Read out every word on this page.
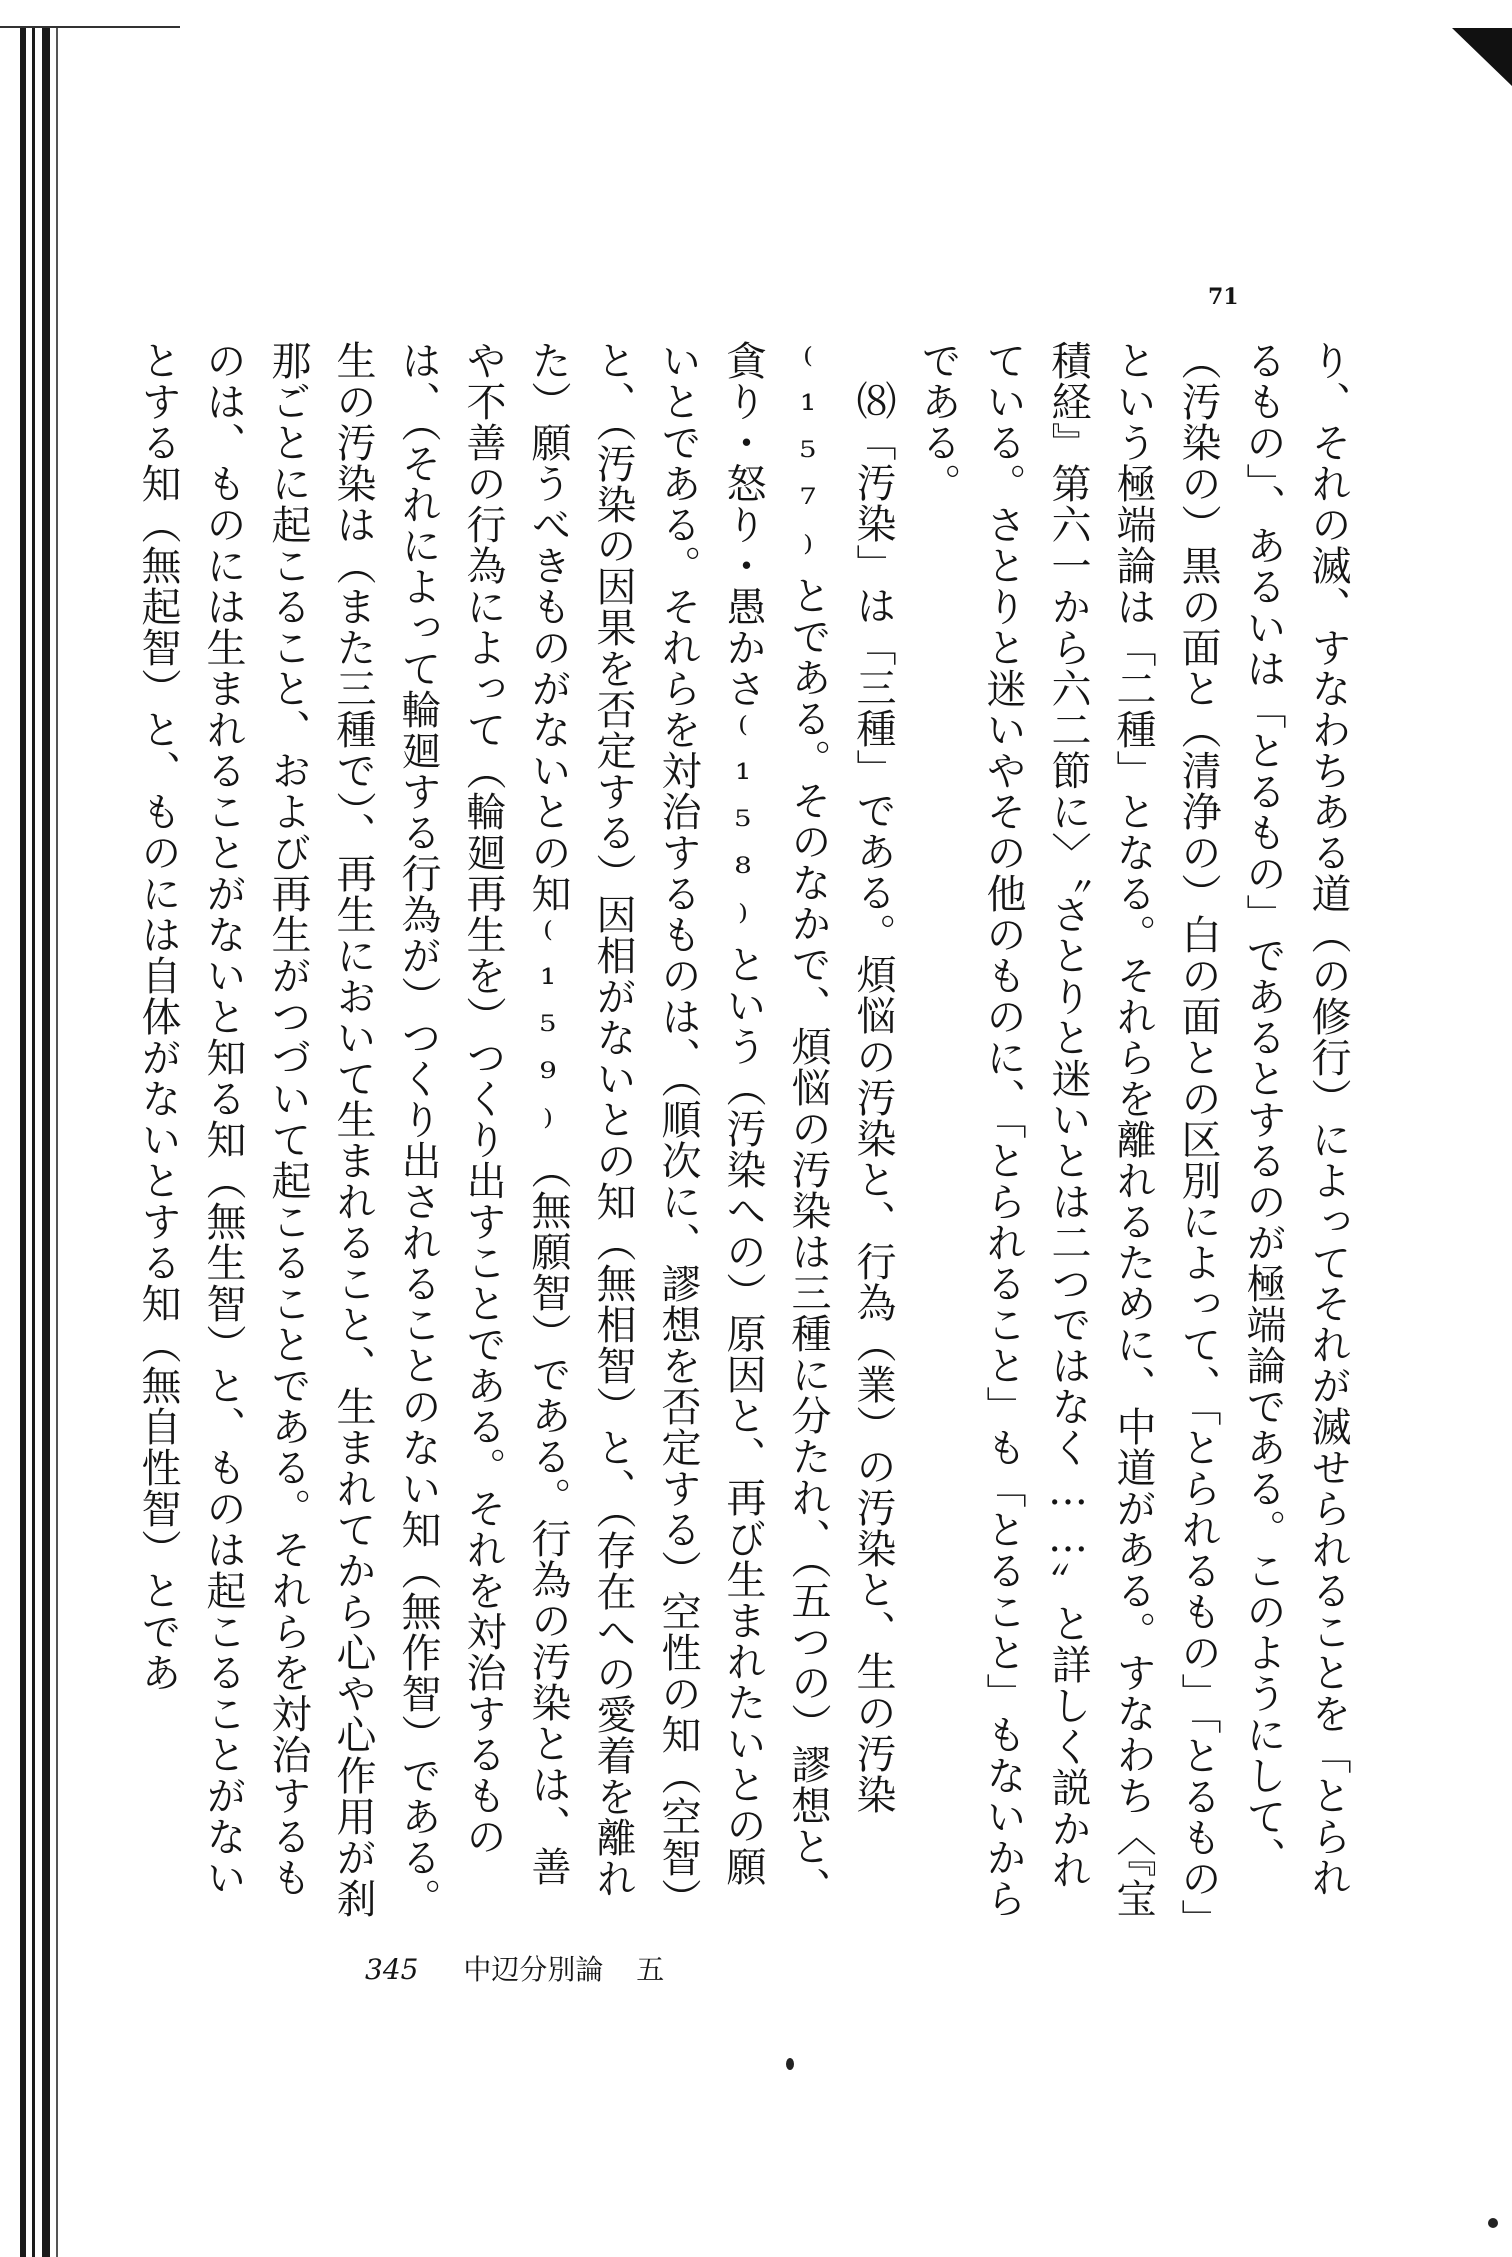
71

り、それの滅、すなわちある道（の修行）によってそれが滅せられることを「とられるもの」、あるいは「とるもの」であるとするのが極端論である。このようにして、（汚染の）黒の面と（清浄の）白の面との区別によって、「とられるもの」「とるもの」という極端論は「二種」となる。それらを離れるために、中道がある。すなわち〈『宝積経』第六一から六二節に〉〝さとりと迷いとは二つではなく……〟と詳しく説かれている。さとりと迷いやその他のものに、「とられること」も「とること」もないからである。

⑻「汚染」は「三種」である。煩悩の汚染と、行為（業）の汚染と、生の汚染⁽¹⁵⁷⁾とである。そのなかで、煩悩の汚染は三種に分たれ、（五つの）謬想と、貪り・怒り・愚かさ⁽¹⁵⁸⁾という（汚染への）原因と、再び生まれたいとの願いとである。それらを対治するものは、（順次に、謬想を否定する）空性の知（空智）と、（汚染の因果を否定する）因相がないとの知（無相智）と、（存在への愛着を離れた）願うべきものがないとの知⁽¹⁵⁹⁾（無願智）である。行為の汚染とは、善や不善の行為によって（輪廻再生を）つくり出すことである。それを対治するものは、（それによって輪廻する行為が）つくり出されることのない知（無作智）である。生の汚染は（また三種で）、再生において生まれること、生まれてから心や心作用が刹那ごとに起こること、および再生がつづいて起こることである。それらを対治するものは、ものには生まれることがないと知る知（無生智）と、ものは起こることがないとする知（無起智）と、ものには自体がないとする知（無自性智）とであ

345 中辺分別論 五
